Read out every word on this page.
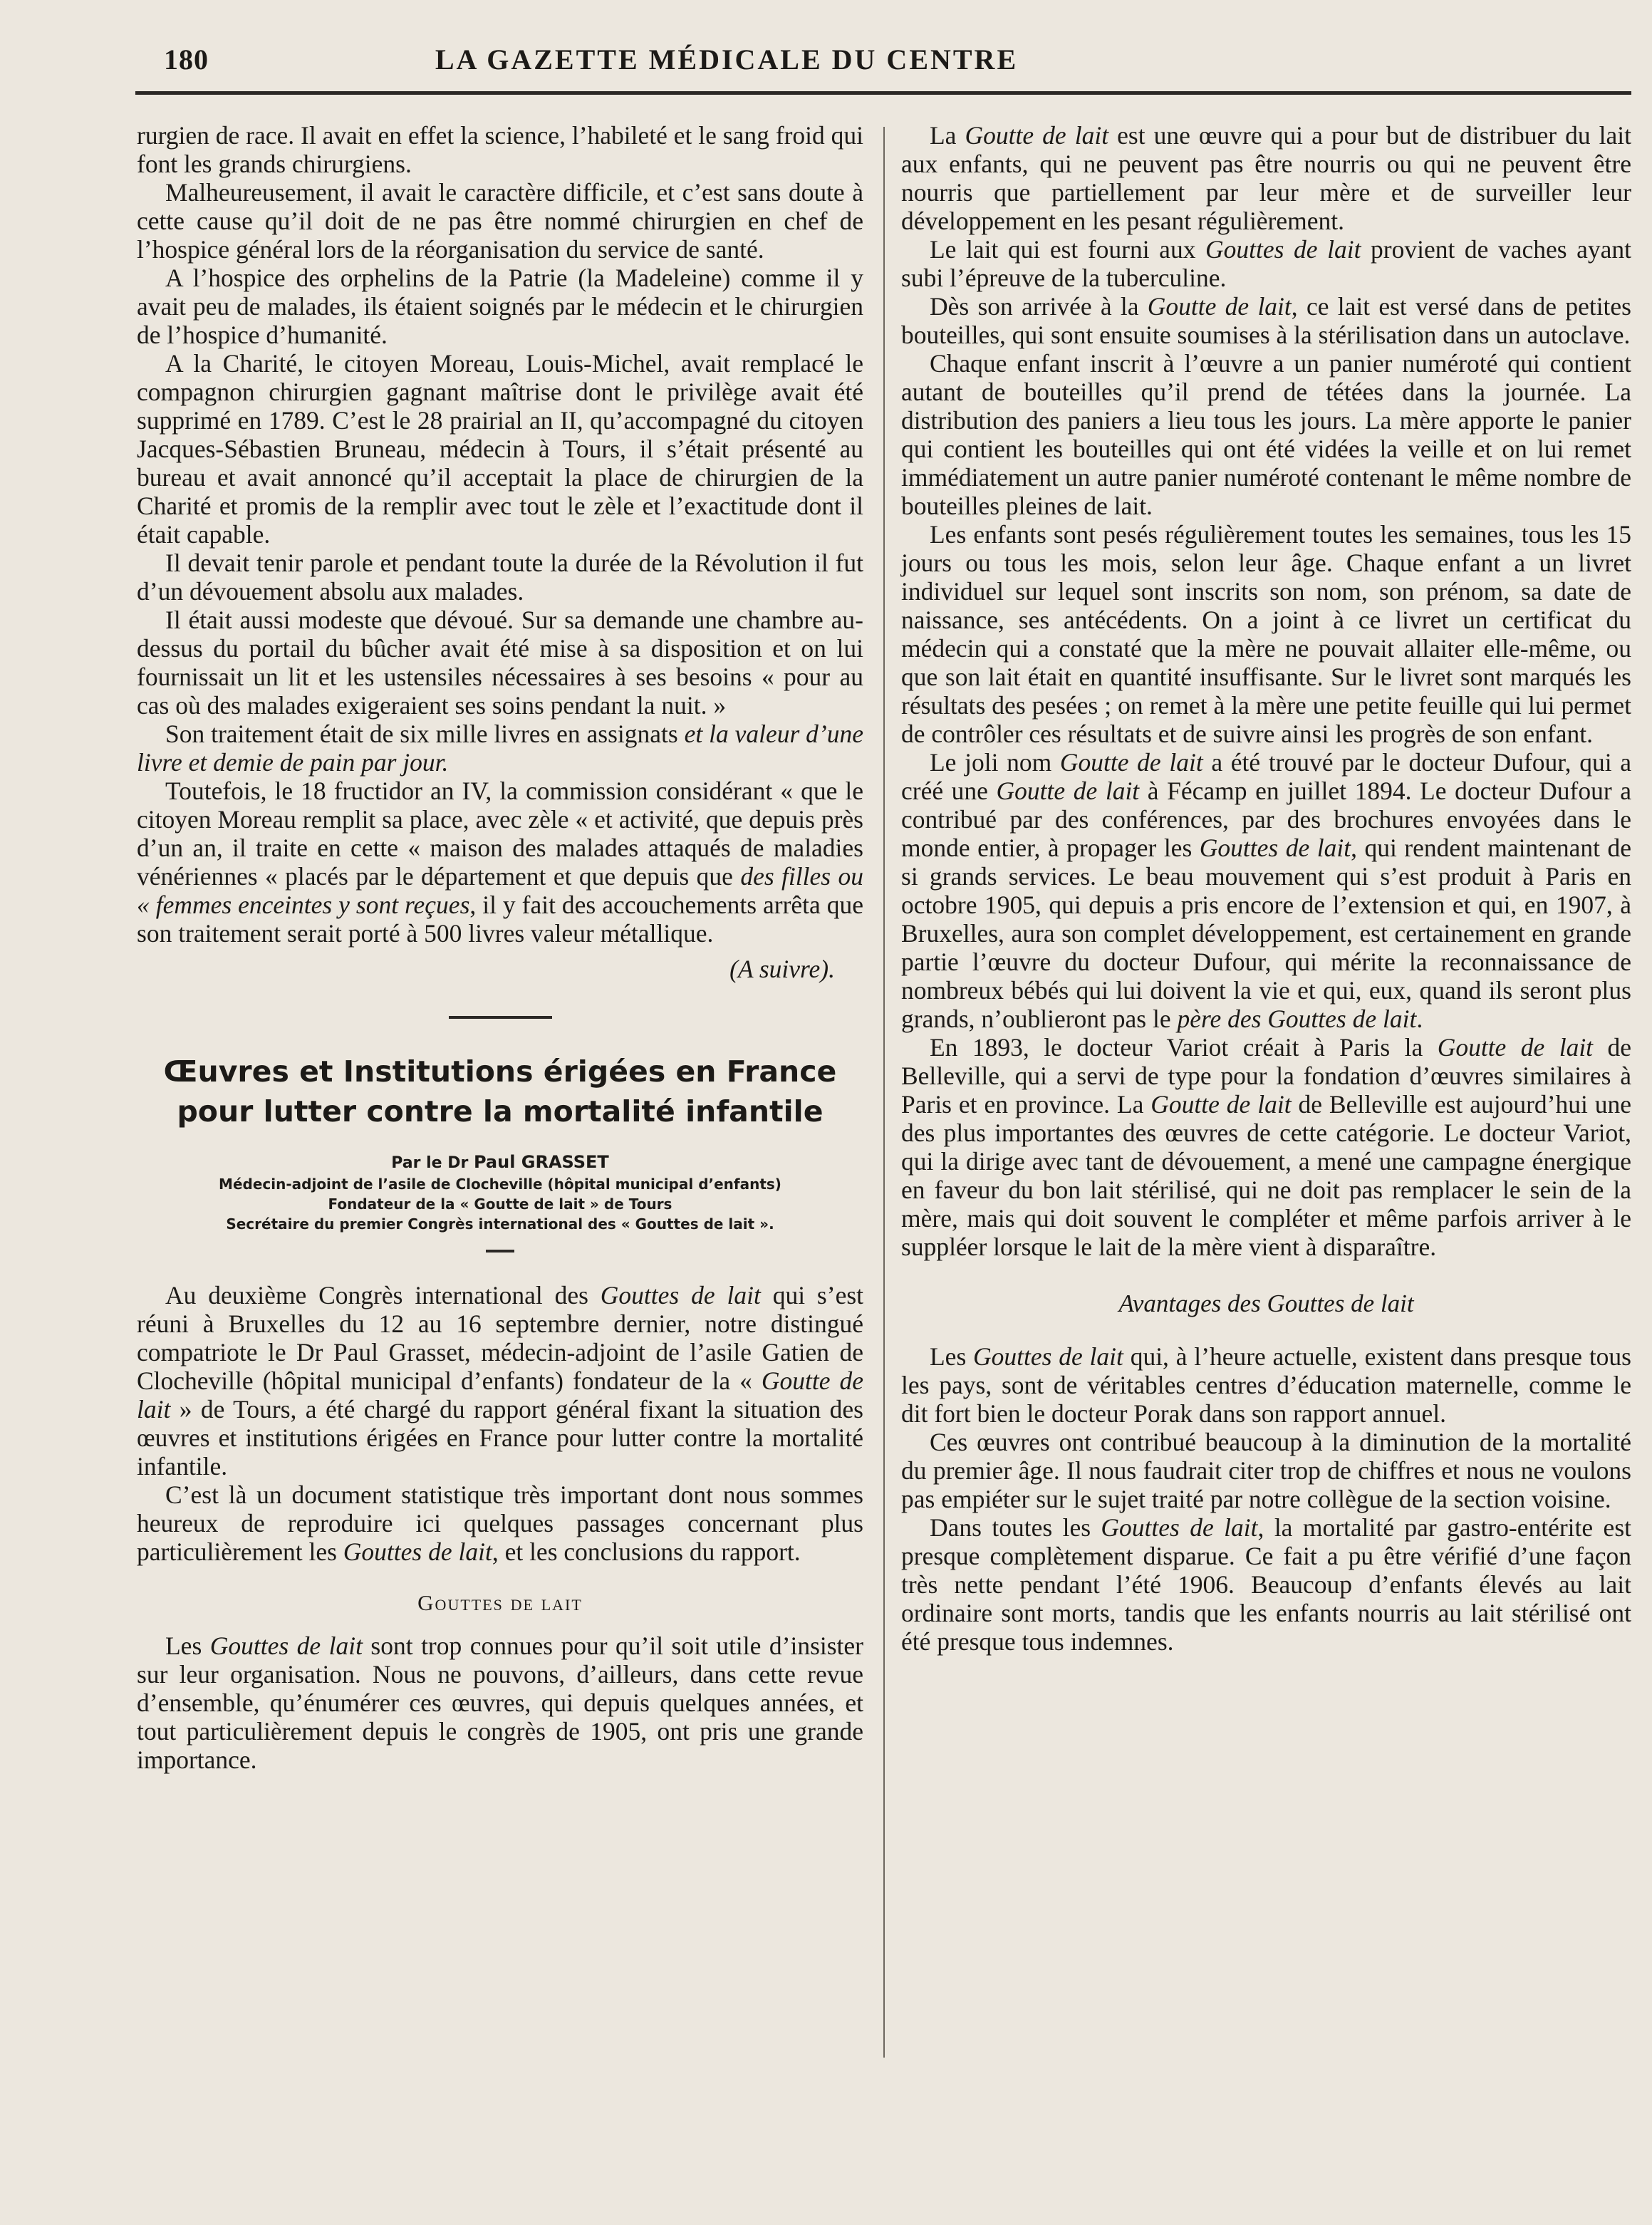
180	LA GAZETTE MÉDICALE DU CENTRE

rurgien de race. Il avait en effet la science, l’habileté et le sang froid qui font les grands chirurgiens.

Malheureusement, il avait le caractère difficile, et c’est sans doute à cette cause qu’il doit de ne pas être nommé chirurgien en chef de l’hospice général lors de la réorganisation du service de santé.

A l’hospice des orphelins de la Patrie (la Madeleine) comme il y avait peu de malades, ils étaient soignés par le médecin et le chirurgien de l’hospice d’humanité.

A la Charité, le citoyen Moreau, Louis-Michel, avait remplacé le compagnon chirurgien gagnant maîtrise dont le privilège avait été supprimé en 1789. C’est le 28 prairial an II, qu’accompagné du citoyen Jacques-Sébastien Bruneau, médecin à Tours, il s’était présenté au bureau et avait annoncé qu’il acceptait la place de chirurgien de la Charité et promis de la remplir avec tout le zèle et l’exactitude dont il était capable.

Il devait tenir parole et pendant toute la durée de la Révolution il fut d’un dévouement absolu aux malades.

Il était aussi modeste que dévoué. Sur sa demande une chambre au-dessus du portail du bûcher avait été mise à sa disposition et on lui fournissait un lit et les ustensiles nécessaires à ses besoins « pour au cas où des malades exigeraient ses soins pendant la nuit. »

Son traitement était de six mille livres en assignats et la valeur d’une livre et demie de pain par jour.

Toutefois, le 18 fructidor an IV, la commission considérant « que le citoyen Moreau remplit sa place, avec zèle « et activité, que depuis près d’un an, il traite en cette « maison des malades attaqués de maladies vénériennes « placés par le département et que depuis que des filles ou « femmes enceintes y sont reçues, il y fait des accouchements arrêta que son traitement serait porté à 500 livres valeur métallique.

(A suivre).

Œuvres et Institutions érigées en France pour lutter contre la mortalité infantile
Par le Dr Paul GRASSET
Médecin-adjoint de l’asile de Clocheville (hôpital municipal d’enfants)
Fondateur de la « Goutte de lait » de Tours
Secrétaire du premier Congrès international des « Gouttes de lait ».

Au deuxième Congrès international des Gouttes de lait qui s’est réuni à Bruxelles du 12 au 16 septembre dernier, notre distingué compatriote le Dr Paul Grasset, médecin-adjoint de l’asile Gatien de Clocheville (hôpital municipal d’enfants) fondateur de la « Goutte de lait » de Tours, a été chargé du rapport général fixant la situation des œuvres et institutions érigées en France pour lutter contre la mortalité infantile.

C’est là un document statistique très important dont nous sommes heureux de reproduire ici quelques passages concernant plus particulièrement les Gouttes de lait, et les conclusions du rapport.

Gouttes de lait

Les Gouttes de lait sont trop connues pour qu’il soit utile d’insister sur leur organisation. Nous ne pouvons, d’ailleurs, dans cette revue d’ensemble, qu’énumérer ces œuvres, qui depuis quelques années, et tout particulièrement depuis le congrès de 1905, ont pris une grande importance.

La Goutte de lait est une œuvre qui a pour but de distribuer du lait aux enfants, qui ne peuvent pas être nourris ou qui ne peuvent être nourris que partiellement par leur mère et de surveiller leur développement en les pesant régulièrement.

Le lait qui est fourni aux Gouttes de lait provient de vaches ayant subi l’épreuve de la tuberculine.

Dès son arrivée à la Goutte de lait, ce lait est versé dans de petites bouteilles, qui sont ensuite soumises à la stérilisation dans un autoclave.

Chaque enfant inscrit à l’œuvre a un panier numéroté qui contient autant de bouteilles qu’il prend de tétées dans la journée. La distribution des paniers a lieu tous les jours. La mère apporte le panier qui contient les bouteilles qui ont été vidées la veille et on lui remet immédiatement un autre panier numéroté contenant le même nombre de bouteilles pleines de lait.

Les enfants sont pesés régulièrement toutes les semaines, tous les 15 jours ou tous les mois, selon leur âge. Chaque enfant a un livret individuel sur lequel sont inscrits son nom, son prénom, sa date de naissance, ses antécédents. On a joint à ce livret un certificat du médecin qui a constaté que la mère ne pouvait allaiter elle-même, ou que son lait était en quantité insuffisante. Sur le livret sont marqués les résultats des pesées ; on remet à la mère une petite feuille qui lui permet de contrôler ces résultats et de suivre ainsi les progrès de son enfant.

Le joli nom Goutte de lait a été trouvé par le docteur Dufour, qui a créé une Goutte de lait à Fécamp en juillet 1894. Le docteur Dufour a contribué par des conférences, par des brochures envoyées dans le monde entier, à propager les Gouttes de lait, qui rendent maintenant de si grands services. Le beau mouvement qui s’est produit à Paris en octobre 1905, qui depuis a pris encore de l’extension et qui, en 1907, à Bruxelles, aura son complet développement, est certainement en grande partie l’œuvre du docteur Dufour, qui mérite la reconnaissance de nombreux bébés qui lui doivent la vie et qui, eux, quand ils seront plus grands, n’oublieront pas le père des Gouttes de lait.

En 1893, le docteur Variot créait à Paris la Goutte de lait de Belleville, qui a servi de type pour la fondation d’œuvres similaires à Paris et en province. La Goutte de lait de Belleville est aujourd’hui une des plus importantes des œuvres de cette catégorie. Le docteur Variot, qui la dirige avec tant de dévouement, a mené une campagne énergique en faveur du bon lait stérilisé, qui ne doit pas remplacer le sein de la mère, mais qui doit souvent le compléter et même parfois arriver à le suppléer lorsque le lait de la mère vient à disparaître.

Avantages des Gouttes de lait

Les Gouttes de lait qui, à l’heure actuelle, existent dans presque tous les pays, sont de véritables centres d’éducation maternelle, comme le dit fort bien le docteur Porak dans son rapport annuel.

Ces œuvres ont contribué beaucoup à la diminution de la mortalité du premier âge. Il nous faudrait citer trop de chiffres et nous ne voulons pas empiéter sur le sujet traité par notre collègue de la section voisine.

Dans toutes les Gouttes de lait, la mortalité par gastro-entérite est presque complètement disparue. Ce fait a pu être vérifié d’une façon très nette pendant l’été 1906. Beaucoup d’enfants élevés au lait ordinaire sont morts, tandis que les enfants nourris au lait stérilisé ont été presque tous indemnes.
